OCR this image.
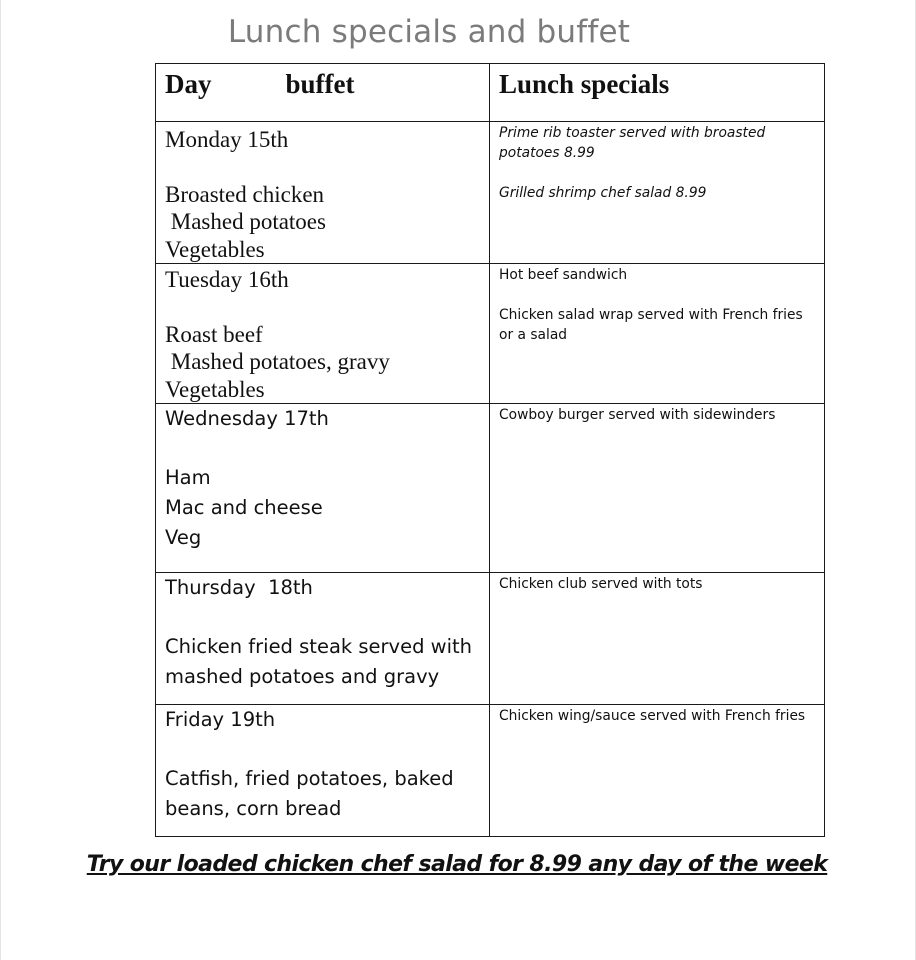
Lunch specials and buffet
Day buffet	Lunch specials

Monday 15th
Broasted chicken
Mashed potatoes
Vegetables	Prime rib toaster served with broasted potatoes 8.99
Grilled shrimp chef salad 8.99

Tuesday 16th
Roast beef
Mashed potatoes, gravy
Vegetables	Hot beef sandwich
Chicken salad wrap served with French fries or a salad

Wednesday 17th
Ham
Mac and cheese
Veg	Cowboy burger served with sidewinders

Thursday  18th
Chicken fried steak served with mashed potatoes and gravy	Chicken club served with tots

Friday 19th
Catfish, fried potatoes, baked beans, corn bread	Chicken wing/sauce served with French fries
Try our loaded chicken chef salad for 8.99 any day of the week
